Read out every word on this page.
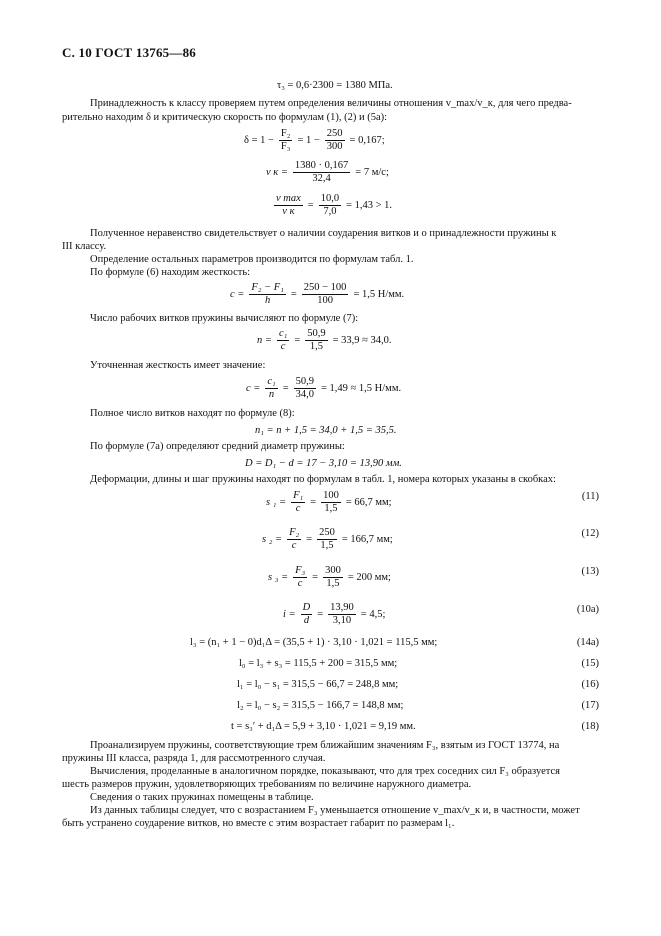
С. 10 ГОСТ 13765—86
τ₃ = 0,6·2300 = 1380 МПа.
Принадлежность к классу проверяем путем определения величины отношения v_max/v_к, для чего предва-
рительно находим δ и критическую скорость по формулам (1), (2) и (5а):
$\delta = 1 - \frac{\text{F₂}}{\text{F₃}} = 1 - \frac{250}{300} = 0,167$;
v $к = \frac{1380 \cdot 0,167}{32,4} = 7$ м/с;
$\frac{\text{v max}}{\text{v к}} = \frac{10,0}{7,0} = 1,43 > 1$.
Полученное неравенство свидетельствует о наличии соударения витков и о принадлежности пружины к
III классу.
Определение остальных параметров производится по формулам табл. 1.
По формуле (6) находим жесткость:
$c = \frac{\text{F₂ − F₁}}{h} = \frac{250 - 100}{100} = 1,5$ Н/мм.
Число рабочих витков пружины вычисляют по формуле (7):
$n = \frac{\text{c₁}}{c} = \frac{50,9}{1,5} = 33,9 \approx 34,0$.
Уточненная жесткость имеет значение:
$c = \frac{\text{c₁}}{n} = \frac{50,9}{34,0} = 1,49 \approx 1,5$ Н/мм.
Полное число витков находят по формуле (8):
n₁ = n + 1,5 = 34,0 + 1,5 = 35,5.
По формуле (7а) определяют средний диаметр пружины:
D = D₁ − d = 17 − 3,10 = 13,90 мм.
Деформации, длины и шаг пружины находят по формулам в табл. 1, номера которых указаны в скобках:
s $_1 = \frac{\text{F₁}}{c} = \frac{100}{1,5} = 66,7$ мм;
(11)
s $_2 = \frac{\text{F₂}}{c} = \frac{250}{1,5} = 166,7$ мм;
(12)
s $_3 = \frac{\text{F₃}}{c} = \frac{300}{1,5} = 200$ мм;
(13)
$i = \frac{D}{d} = \frac{13,90}{3,10} = 4,5$;	(10а)
l₃ = (n₁ + 1 − 0)d₁Δ = (35,5 + 1) · 3,10 · 1,021 = 115,5 мм;	(14а)
l₀ = l₃ + s₃ = 115,5 + 200 = 315,5 мм;	(15)
l₁ = l₀ − s₁ = 315,5 − 66,7 = 248,8 мм;	(16)
l₂ = l₀ − s₂ = 315,5 − 166,7 = 148,8 мм;	(17)
t = s₃′ + d₁Δ = 5,9 + 3,10 · 1,021 = 9,19 мм.	(18)
Проанализируем пружины, соответствующие трем ближайшим значениям F₃, взятым из ГОСТ 13774, на
пружины III класса, разряда 1, для рассмотренного случая.
Вычисления, проделанные в аналогичном порядке, показывают, что для трех соседних сил F₃ образуется
шесть размеров пружин, удовлетворяющих требованиям по величине наружного диаметра.
Сведения о таких пружинах помещены в таблице.
Из данных таблицы следует, что с возрастанием F₃ уменьшается отношение v_max/v_к и, в частности, может
быть устранено соударение витков, но вместе с этим возрастает габарит по размерам l₁.
